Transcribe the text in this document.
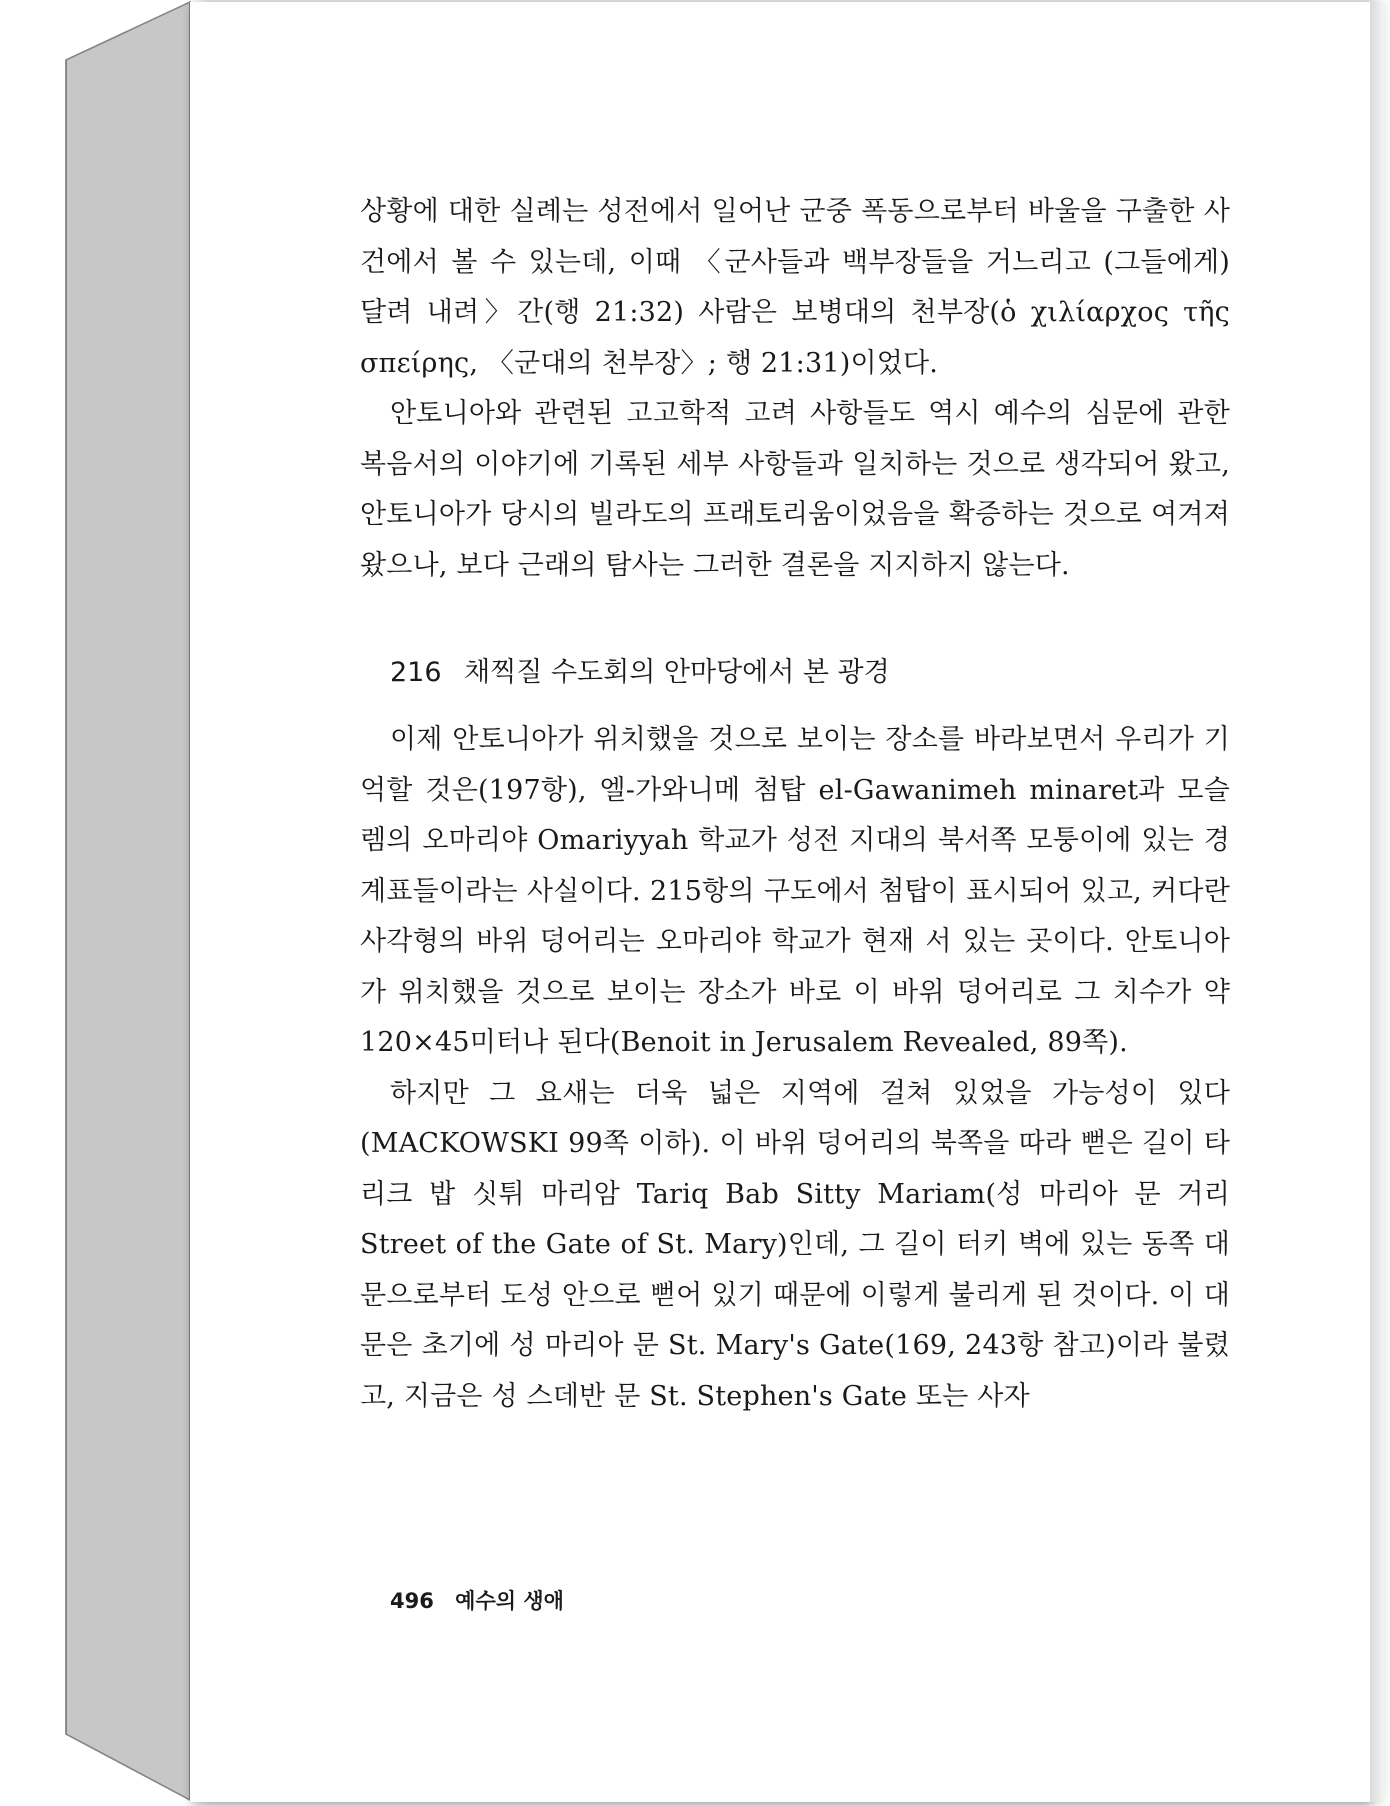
상황에 대한 실례는 성전에서 일어난 군중 폭동으로부터 바울을 구출한 사건에서 볼 수 있는데, 이때 〈군사들과 백부장들을 거느리고 (그들에게) 달려 내려〉간(행 21:32) 사람은 보병대의 천부장(ὁ χιλίαρχος τῆς σπείρης, 〈군대의 천부장〉; 행 21:31)이었다.

안토니아와 관련된 고고학적 고려 사항들도 역시 예수의 심문에 관한 복음서의 이야기에 기록된 세부 사항들과 일치하는 것으로 생각되어 왔고, 안토니아가 당시의 빌라도의 프래토리움이었음을 확증하는 것으로 여겨져 왔으나, 보다 근래의 탐사는 그러한 결론을 지지하지 않는다.

216 채찍질 수도회의 안마당에서 본 광경

이제 안토니아가 위치했을 것으로 보이는 장소를 바라보면서 우리가 기억할 것은(197항), 엘-가와니메 첨탑 el-Gawanimeh minaret과 모슬렘의 오마리야 Omariyyah 학교가 성전 지대의 북서쪽 모퉁이에 있는 경계표들이라는 사실이다. 215항의 구도에서 첨탑이 표시되어 있고, 커다란 사각형의 바위 덩어리는 오마리야 학교가 현재 서 있는 곳이다. 안토니아가 위치했을 것으로 보이는 장소가 바로 이 바위 덩어리로 그 치수가 약 120×45미터나 된다(Benoit in Jerusalem Revealed, 89쪽).

하지만 그 요새는 더욱 넓은 지역에 걸쳐 있었을 가능성이 있다(MACKOWSKI 99쪽 이하). 이 바위 덩어리의 북쪽을 따라 뻗은 길이 타리크 밥 싯튀 마리암 Tariq Bab Sitty Mariam(성 마리아 문 거리 Street of the Gate of St. Mary)인데, 그 길이 터키 벽에 있는 동쪽 대문으로부터 도성 안으로 뻗어 있기 때문에 이렇게 불리게 된 것이다. 이 대문은 초기에 성 마리아 문 St. Mary's Gate(169, 243항 참고)이라 불렸고, 지금은 성 스데반 문 St. Stephen's Gate 또는 사자

496 예수의 생애
